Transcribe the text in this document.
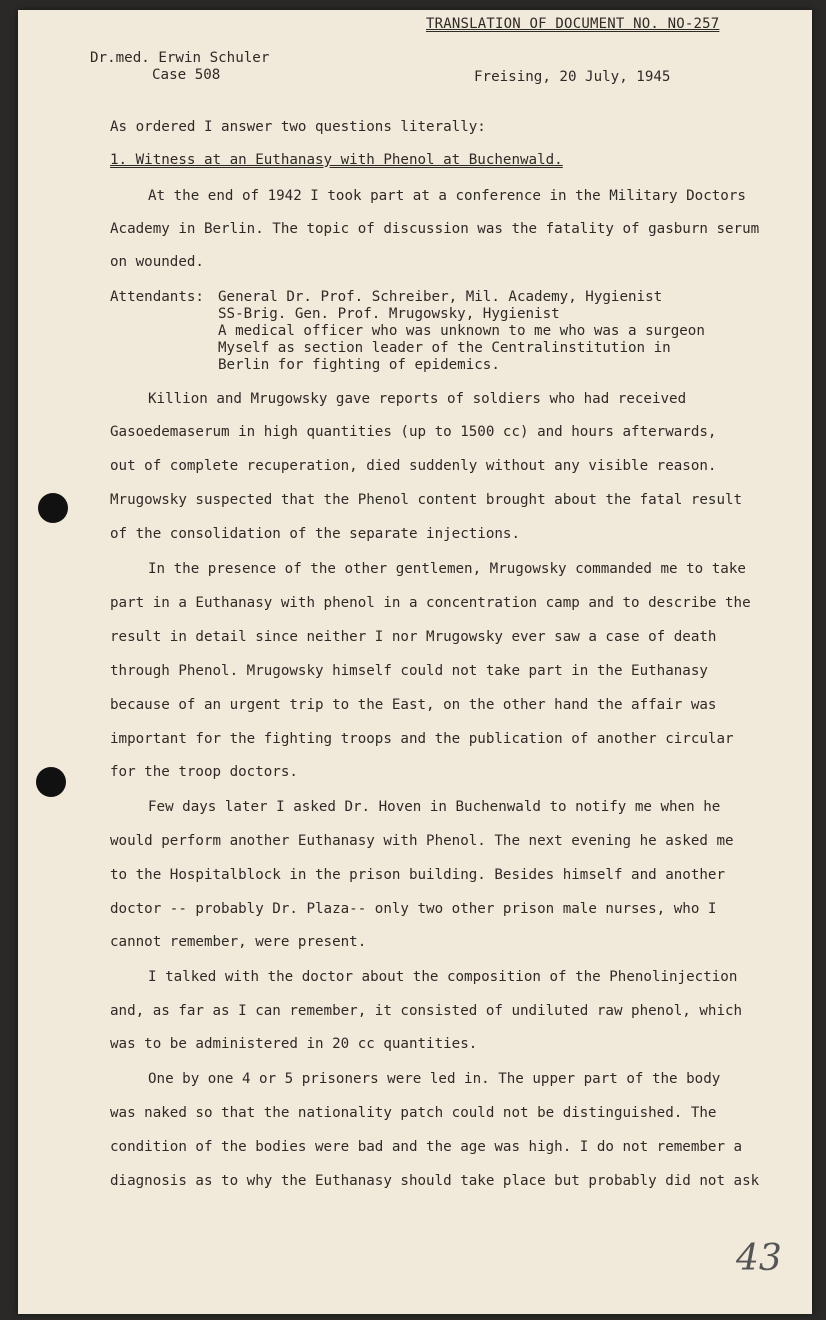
TRANSLATION OF DOCUMENT NO. NO-257
Dr.med. Erwin Schuler
Case 508	Freising, 20 July, 1945
As ordered I answer two questions literally:
1. Witness at an Euthanasy with Phenol at Buchenwald.
At the end of 1942 I took part at a conference in the Military Doctors
Academy in Berlin. The topic of discussion was the fatality of gasburn serum
on wounded.
Attendants: General Dr. Prof. Schreiber, Mil. Academy, Hygienist
SS-Brig. Gen. Prof. Mrugowsky, Hygienist
A medical officer who was unknown to me who was a surgeon
Myself as section leader of the Centralinstitution in
Berlin for fighting of epidemics.
Killion and Mrugowsky gave reports of soldiers who had received
Gasoedemaserum in high quantities (up to 1500 cc) and hours afterwards,
out of complete recuperation, died suddenly without any visible reason.
Mrugowsky suspected that the Phenol content brought about the fatal result
of the consolidation of the separate injections.
In the presence of the other gentlemen, Mrugowsky commanded me to take
part in a Euthanasy with phenol in a concentration camp and to describe the
result in detail since neither I nor Mrugowsky ever saw a case of death
through Phenol. Mrugowsky himself could not take part in the Euthanasy
because of an urgent trip to the East, on the other hand the affair was
important for the fighting troops and the publication of another circular
for the troop doctors.
Few days later I asked Dr. Hoven in Buchenwald to notify me when he
would perform another Euthanasy with Phenol. The next evening he asked me
to the Hospitalblock in the prison building. Besides himself and another
doctor -- probably Dr. Plaza-- only two other prison male nurses, who I
cannot remember, were present.
I talked with the doctor about the composition of the Phenolinjection
and, as far as I can remember, it consisted of undiluted raw phenol, which
was to be administered in 20 cc quantities.
One by one 4 or 5 prisoners were led in. The upper part of the body
was naked so that the nationality patch could not be distinguished. The
condition of the bodies were bad and the age was high. I do not remember a
diagnosis as to why the Euthanasy should take place but probably did not ask
43
